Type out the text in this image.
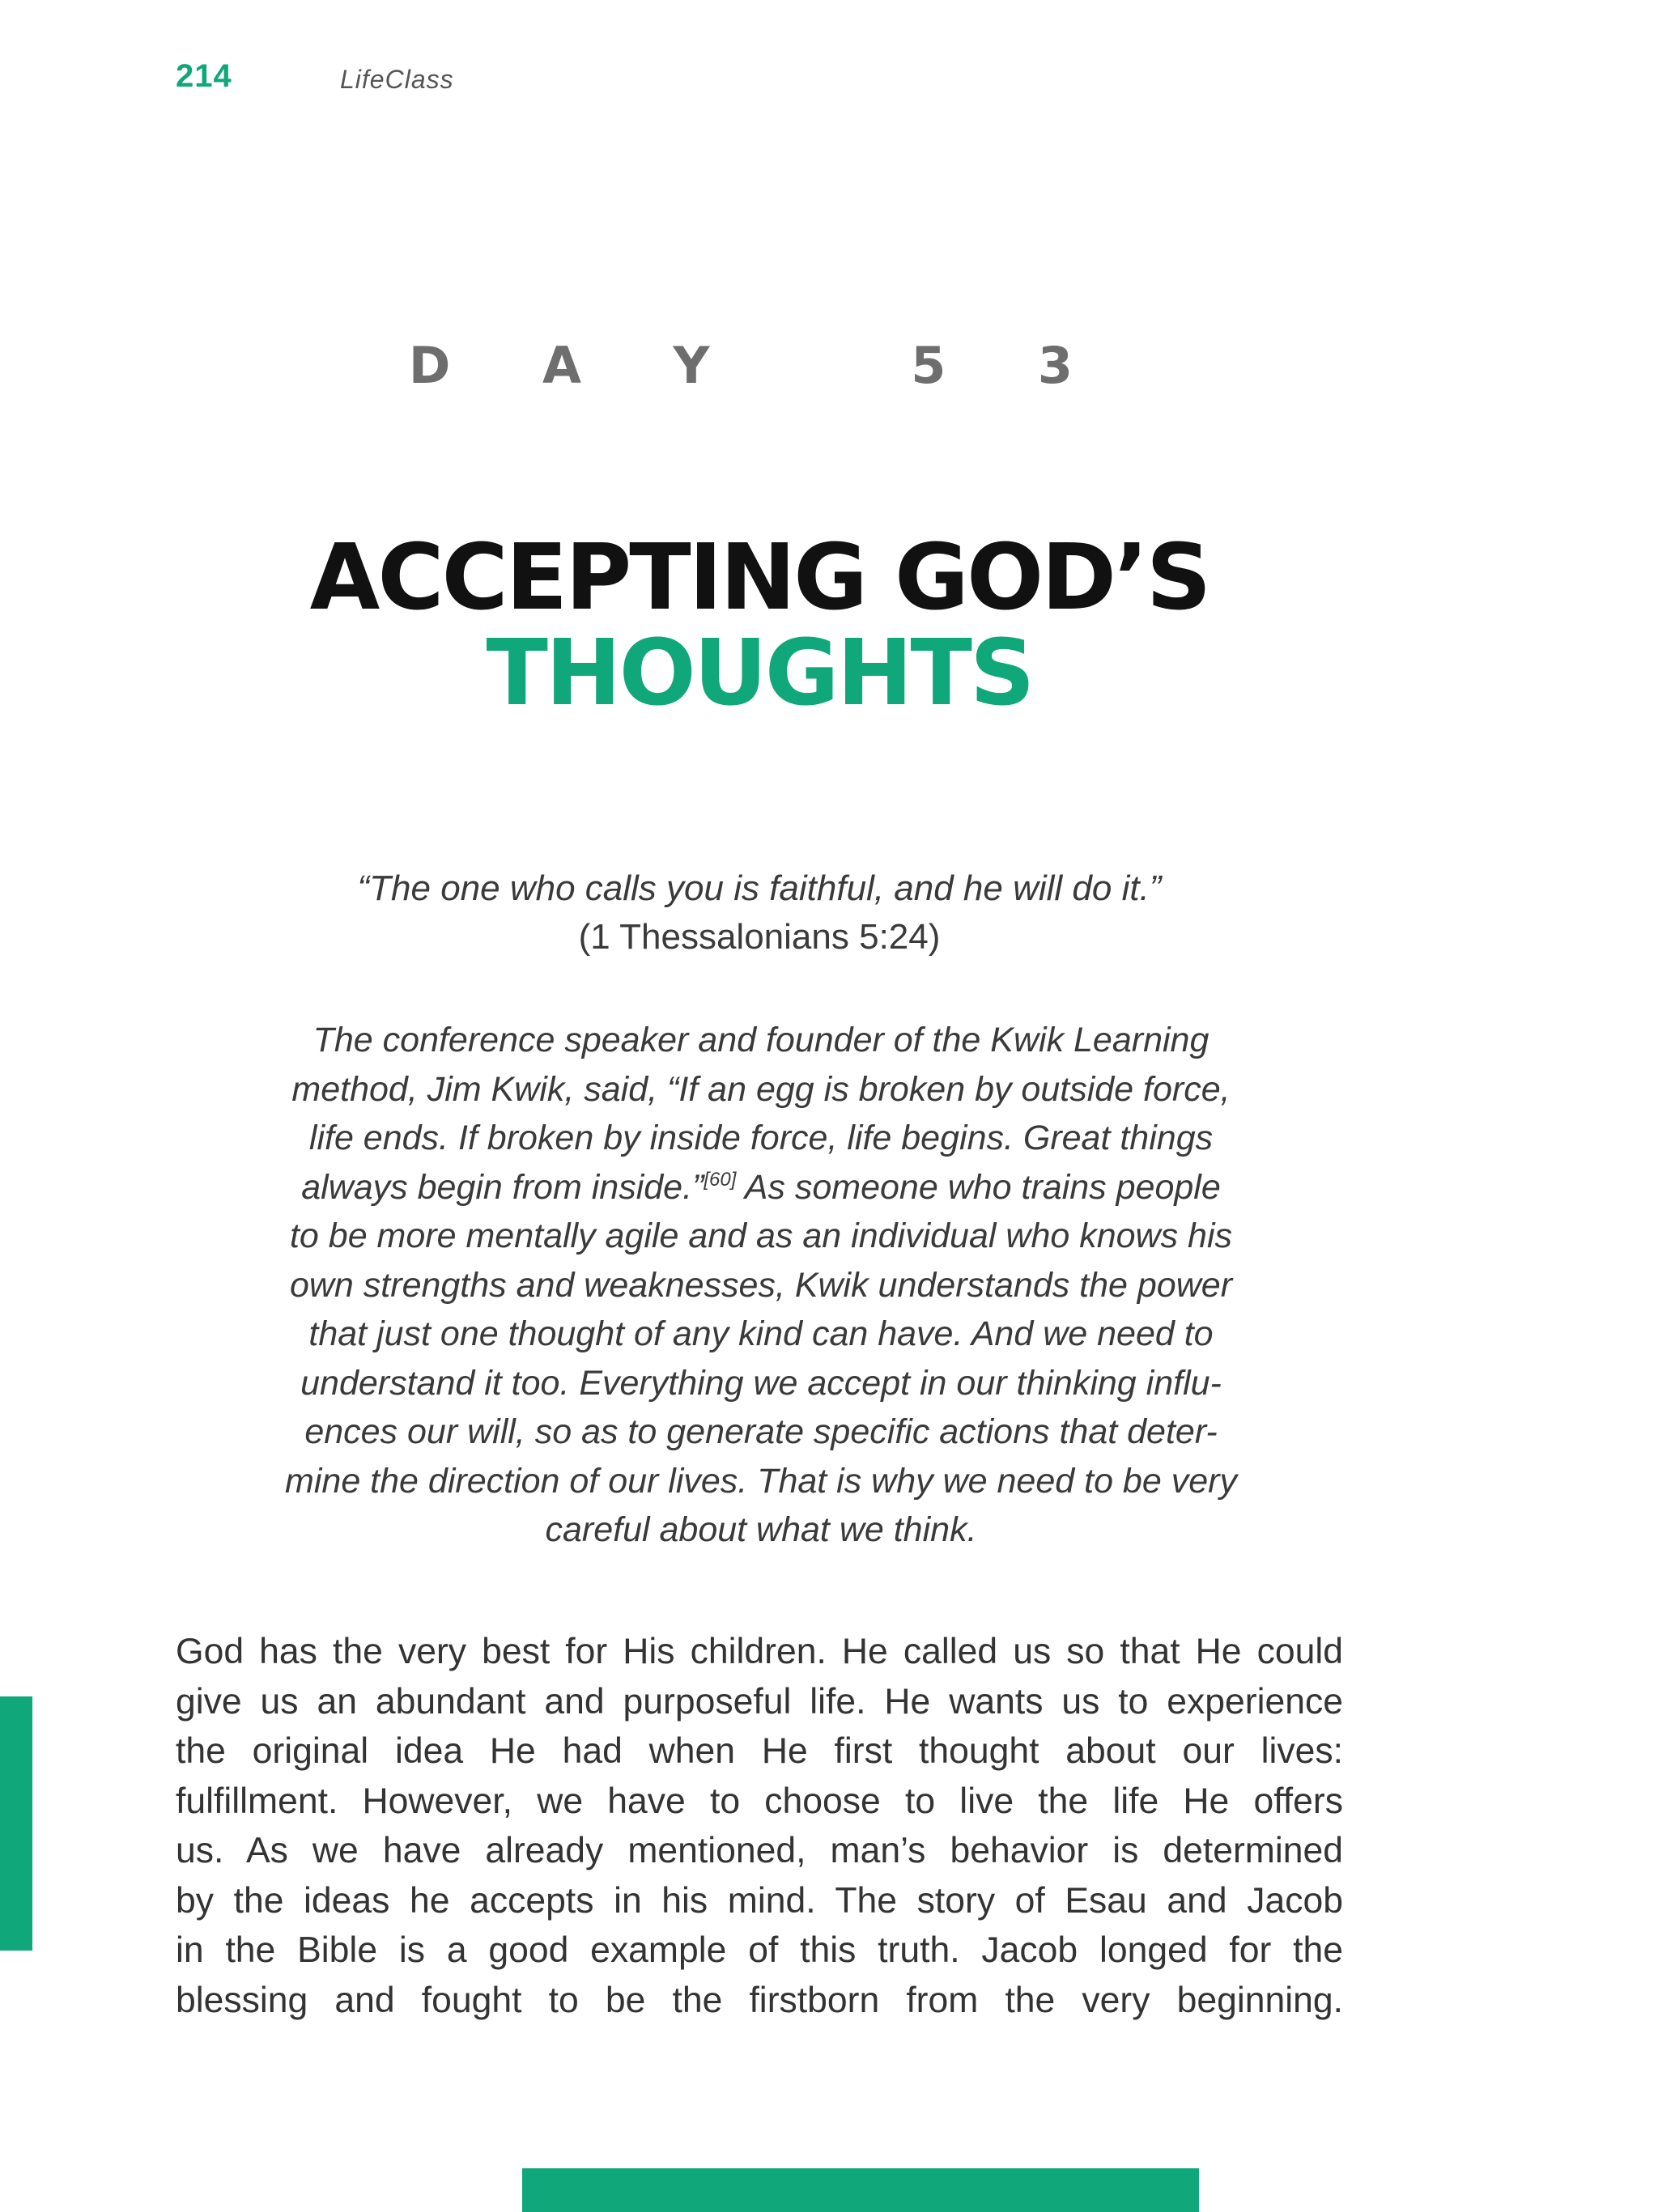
214	LifeClass
D A Y   5 3
ACCEPTING GOD’S
THOUGHTS
“The one who calls you is faithful, and he will do it.”
(1 Thessalonians 5:24)
The conference speaker and founder of the Kwik Learning
method, Jim Kwik, said, “If an egg is broken by outside force,
life ends. If broken by inside force, life begins. Great things
always begin from inside.”[60] As someone who trains people
to be more mentally agile and as an individual who knows his
own strengths and weaknesses, Kwik understands the power
that just one thought of any kind can have. And we need to
understand it too. Everything we accept in our thinking influ-
ences our will, so as to generate specific actions that deter-
mine the direction of our lives. That is why we need to be very
careful about what we think.
God has the very best for His children. He called us so that He could
give us an abundant and purposeful life. He wants us to experience
the original idea He had when He first thought about our lives:
fulfillment. However, we have to choose to live the life He offers
us. As we have already mentioned, man’s behavior is determined
by the ideas he accepts in his mind. The story of Esau and Jacob
in the Bible is a good example of this truth. Jacob longed for the
blessing and fought to be the firstborn from the very beginning.
